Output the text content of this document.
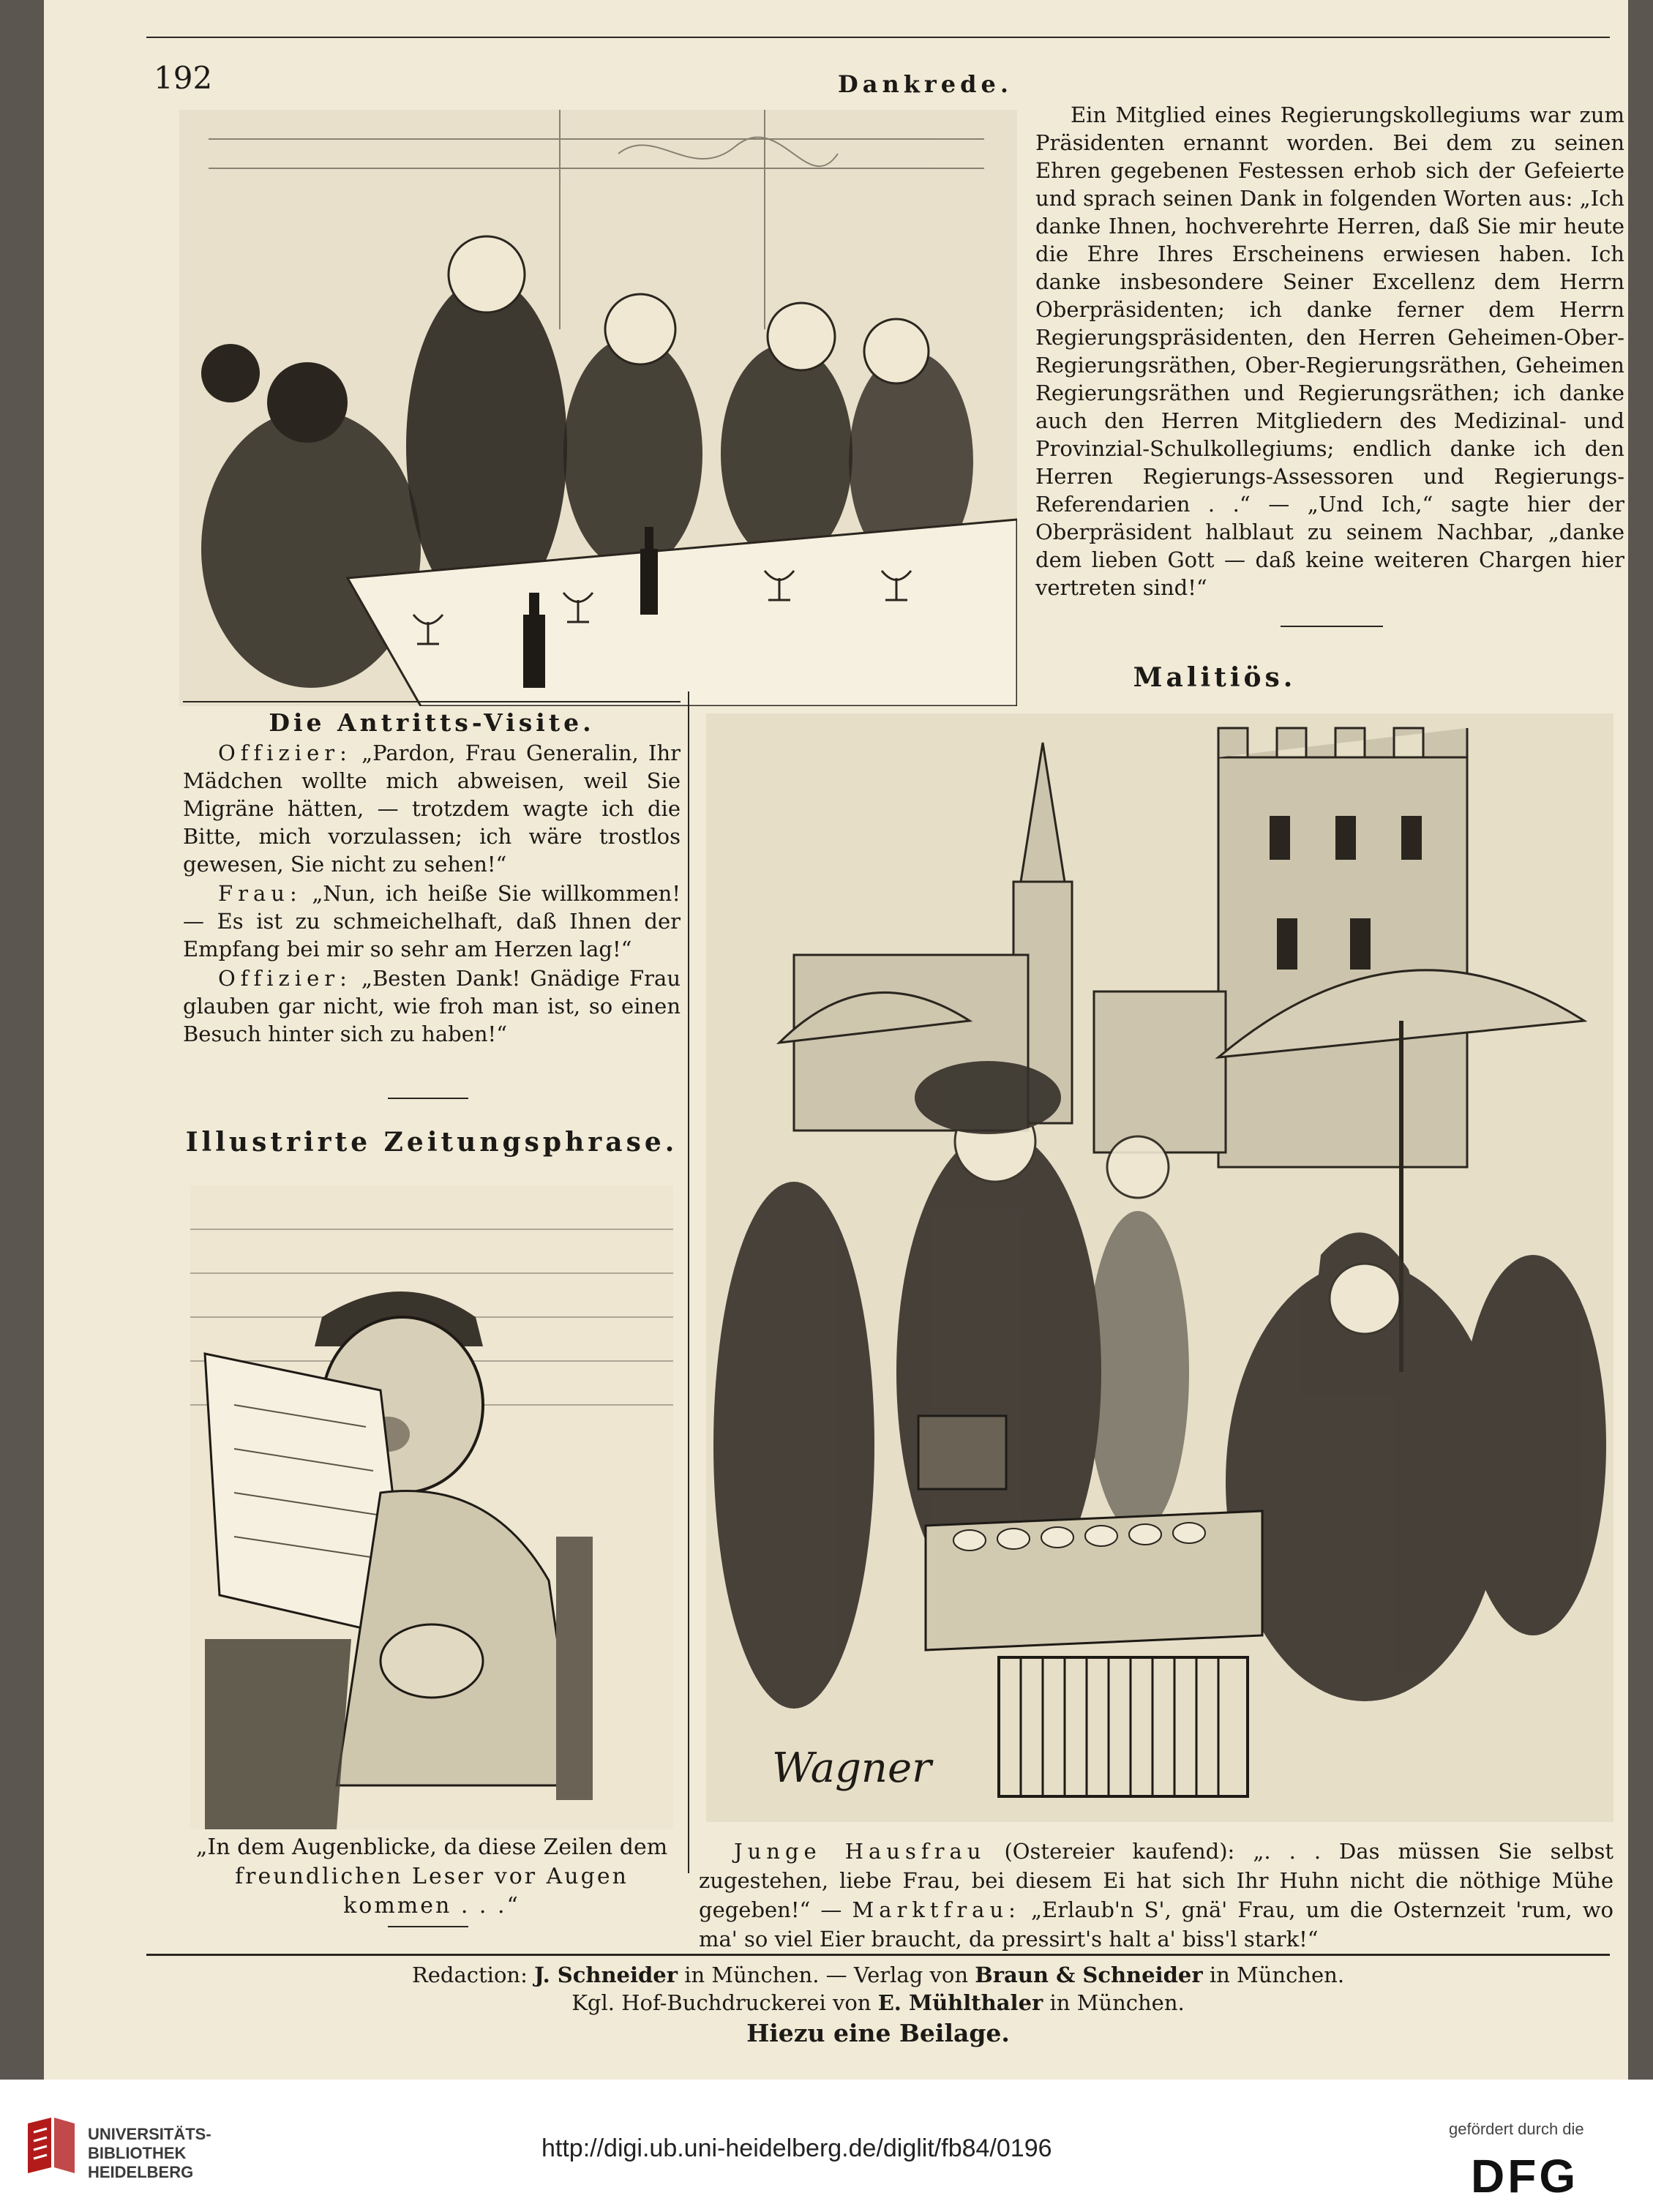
192	Dankrede.

Ein Mitglied eines Regierungskollegiums war zum Präsidenten ernannt worden. Bei dem zu seinen Ehren gegebenen Festessen erhob sich der Gefeierte und sprach seinen Dank in folgenden Worten aus: „Ich danke Ihnen, hochverehrte Herren, daß Sie mir heute die Ehre Ihres Erscheinens erwiesen haben. Ich danke insbesondere Seiner Excellenz dem Herrn Oberpräsidenten; ich danke ferner dem Herrn Regierungspräsidenten, den Herren Geheimen-Ober-Regierungsräthen, Ober-Regierungsräthen, Geheimen Regierungsräthen und Regierungsräthen; ich danke auch den Herren Mitgliedern des Medizinal- und Provinzial-Schulkollegiums; endlich danke ich den Herren Regierungs-Assessoren und Regierungs-Referendarien . .“ — „Und Ich,“ sagte hier der Oberpräsident halblaut zu seinem Nachbar, „danke dem lieben Gott — daß keine weiteren Chargen hier vertreten sind!“

Die Antritts-Visite.

Offizier: „Pardon, Frau Generalin, Ihr Mädchen wollte mich abweisen, weil Sie Migräne hätten, — trotzdem wagte ich die Bitte, mich vorzulassen; ich wäre trostlos gewesen, Sie nicht zu sehen!“

Frau: „Nun, ich heiße Sie willkommen! — Es ist zu schmeichelhaft, daß Ihnen der Empfang bei mir so sehr am Herzen lag!“

Offizier: „Besten Dank! Gnädige Frau glauben gar nicht, wie froh man ist, so einen Besuch hinter sich zu haben!“

Illustrirte Zeitungsphrase.
„In dem Augenblicke, da diese Zeilen dem
freundlichen Leser vor Augen kommen . . .“
Malitiös.
Wagner

Junge Hausfrau (Ostereier kaufend): „. . . Das müssen Sie selbst zugestehen, liebe Frau, bei diesem Ei hat sich Ihr Huhn nicht die nöthige Mühe gegeben!“ — Marktfrau: „Erlaub'n S', gnä' Frau, um die Osternzeit 'rum, wo ma' so viel Eier braucht, da pressirt's halt a' biss'l stark!“

Redaction: J. Schneider in München. — Verlag von Braun & Schneider in München.
Kgl. Hof-Buchdruckerei von E. Mühlthaler in München.
Hiezu eine Beilage.
UNIVERSITÄTS-
BIBLIOTHEK
HEIDELBERG
http://digi.ub.uni-heidelberg.de/diglit/fb84/0196
gefördert durch die
DFG
